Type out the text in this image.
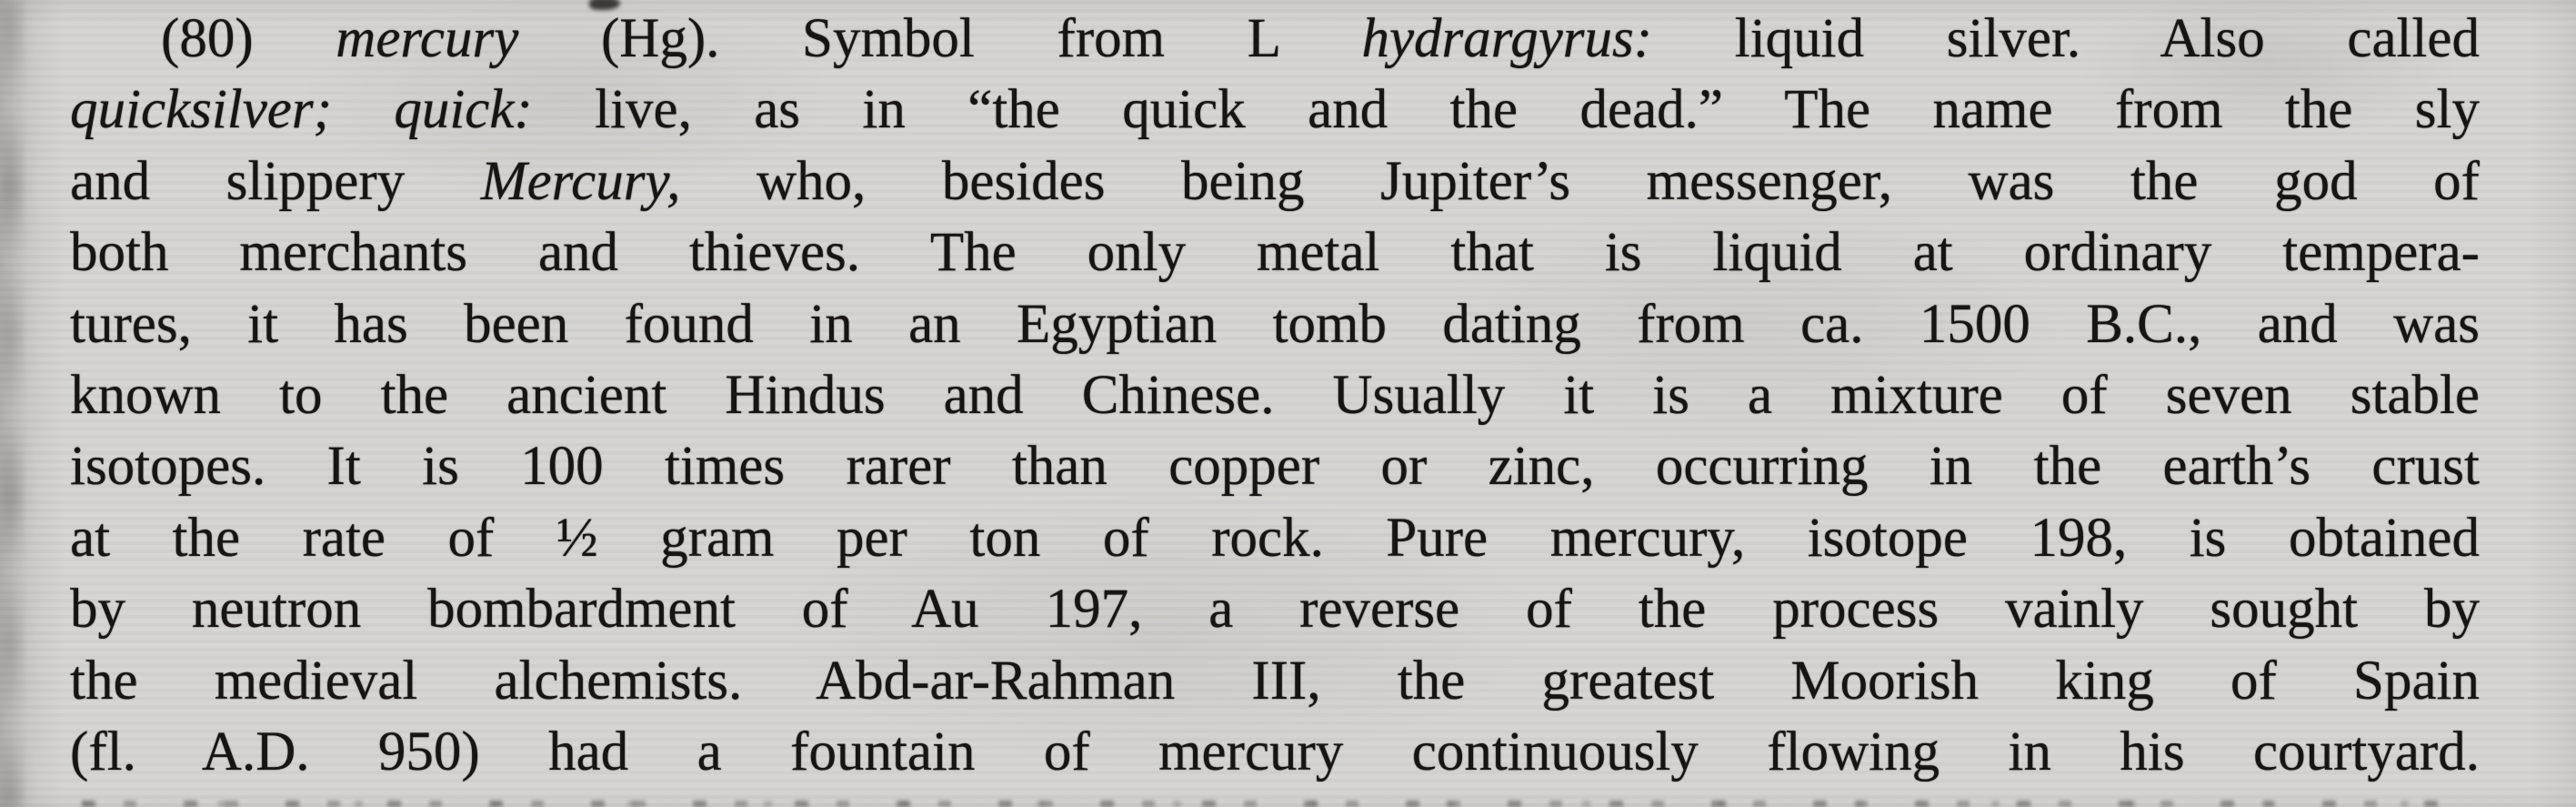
(80) mercury (Hg). Symbol from L hydrargyrus: liquid silver. Also called
quicksilver; quick: live, as in “the quick and the dead.” The name from the sly
and slippery Mercury, who, besides being Jupiter’s messenger, was the god of
both merchants and thieves. The only metal that is liquid at ordinary tempera-
tures, it has been found in an Egyptian tomb dating from ca. 1500 B.C., and was
known to the ancient Hindus and Chinese. Usually it is a mixture of seven stable
isotopes. It is 100 times rarer than copper or zinc, occurring in the earth’s crust
at the rate of ½ gram per ton of rock. Pure mercury, isotope 198, is obtained
by neutron bombardment of Au 197, a reverse of the process vainly sought by
the medieval alchemists. Abd-ar-Rahman III, the greatest Moorish king of Spain
(fl. A.D. 950) had a fountain of mercury continuously flowing in his courtyard.
